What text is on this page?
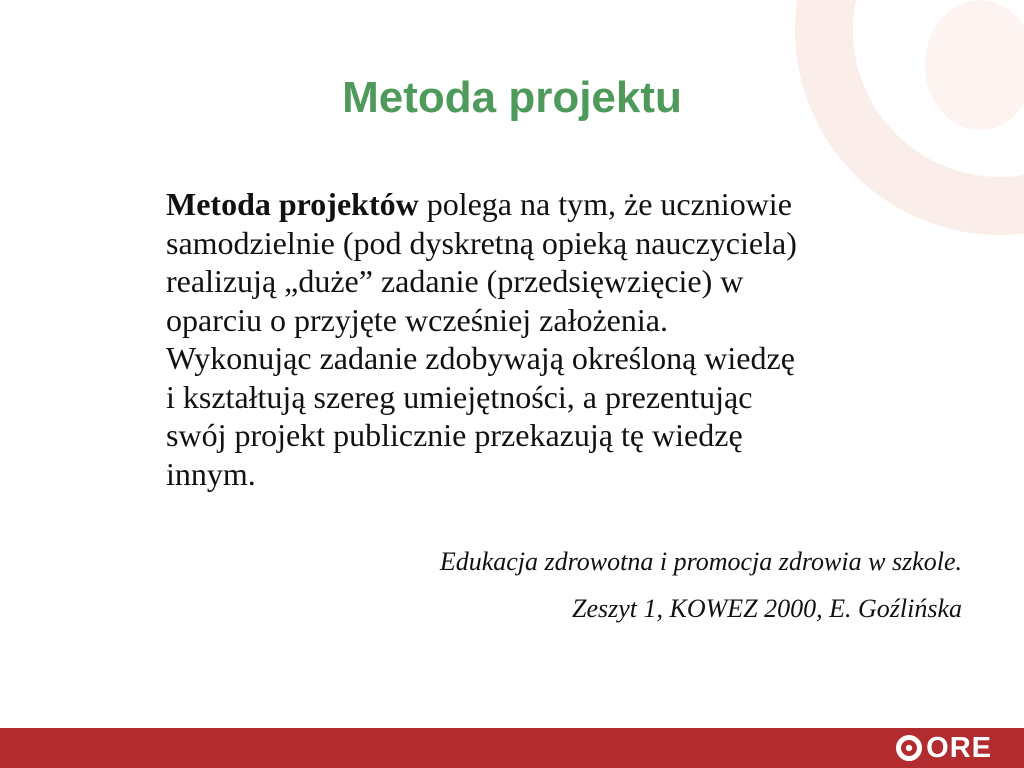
Metoda projektu

Metoda projektów polega na tym, że uczniowie
samodzielnie (pod dyskretną opieką nauczyciela)
realizują „duże” zadanie (przedsięwzięcie) w
oparciu o przyjęte wcześniej założenia.
Wykonując zadanie zdobywają określoną wiedzę
i kształtują szereg umiejętności, a prezentując
swój projekt publicznie przekazują tę wiedzę
innym.

Edukacja zdrowotna i promocja zdrowia w szkole.

Zeszyt 1, KOWEZ 2000, E. Goźlińska

ORE
